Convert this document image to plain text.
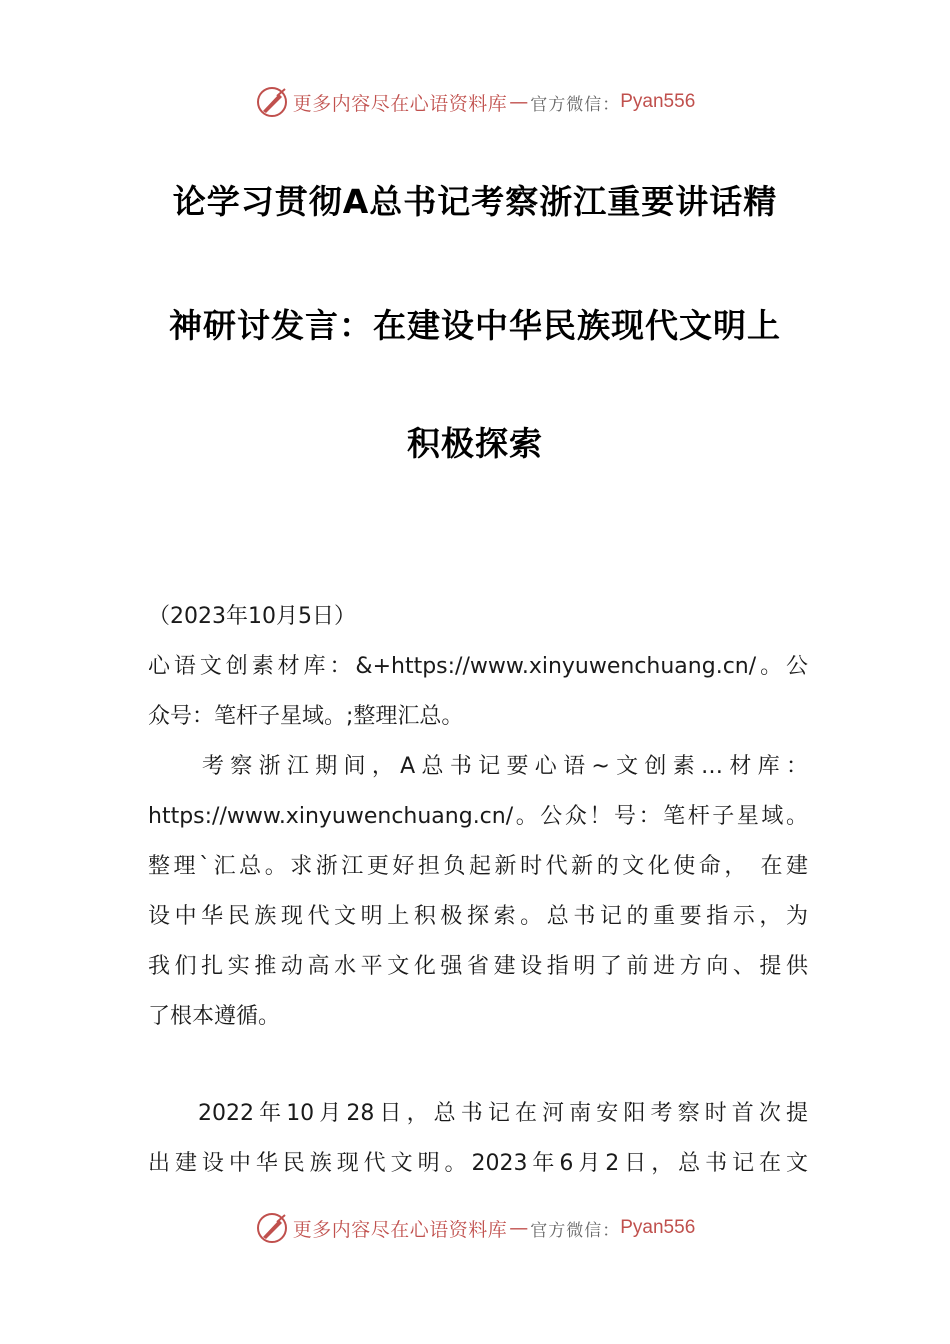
更多内容尽在心语资料库 — 官方微信： Pyan556
论学习贯彻A总书记考察浙江重要讲话精
神研讨发言：在建设中华民族现代文明上
积极探索
（2023年10月5日）
心语文创素材库：&+https://www.xinyuwenchuang.cn/。公
众号：笔杆子星域。;整理汇总。
考察浙江期间，A总书记要心语~文创素…材库：
https://www.xinyuwenchuang.cn/。公众！号：笔杆子星域。
整理`汇总。求浙江更好担负起新时代新的文化使命， 在建
设中华民族现代文明上积极探索。总书记的重要指示，为
我们扎实推动高水平文化强省建设指明了前进方向、提供
了根本遵循。
2022年10月28日，总书记在河南安阳考察时首次提
出建设中华民族现代文明。2023年6月2日，总书记在文
更多内容尽在心语资料库 — 官方微信： Pyan556
